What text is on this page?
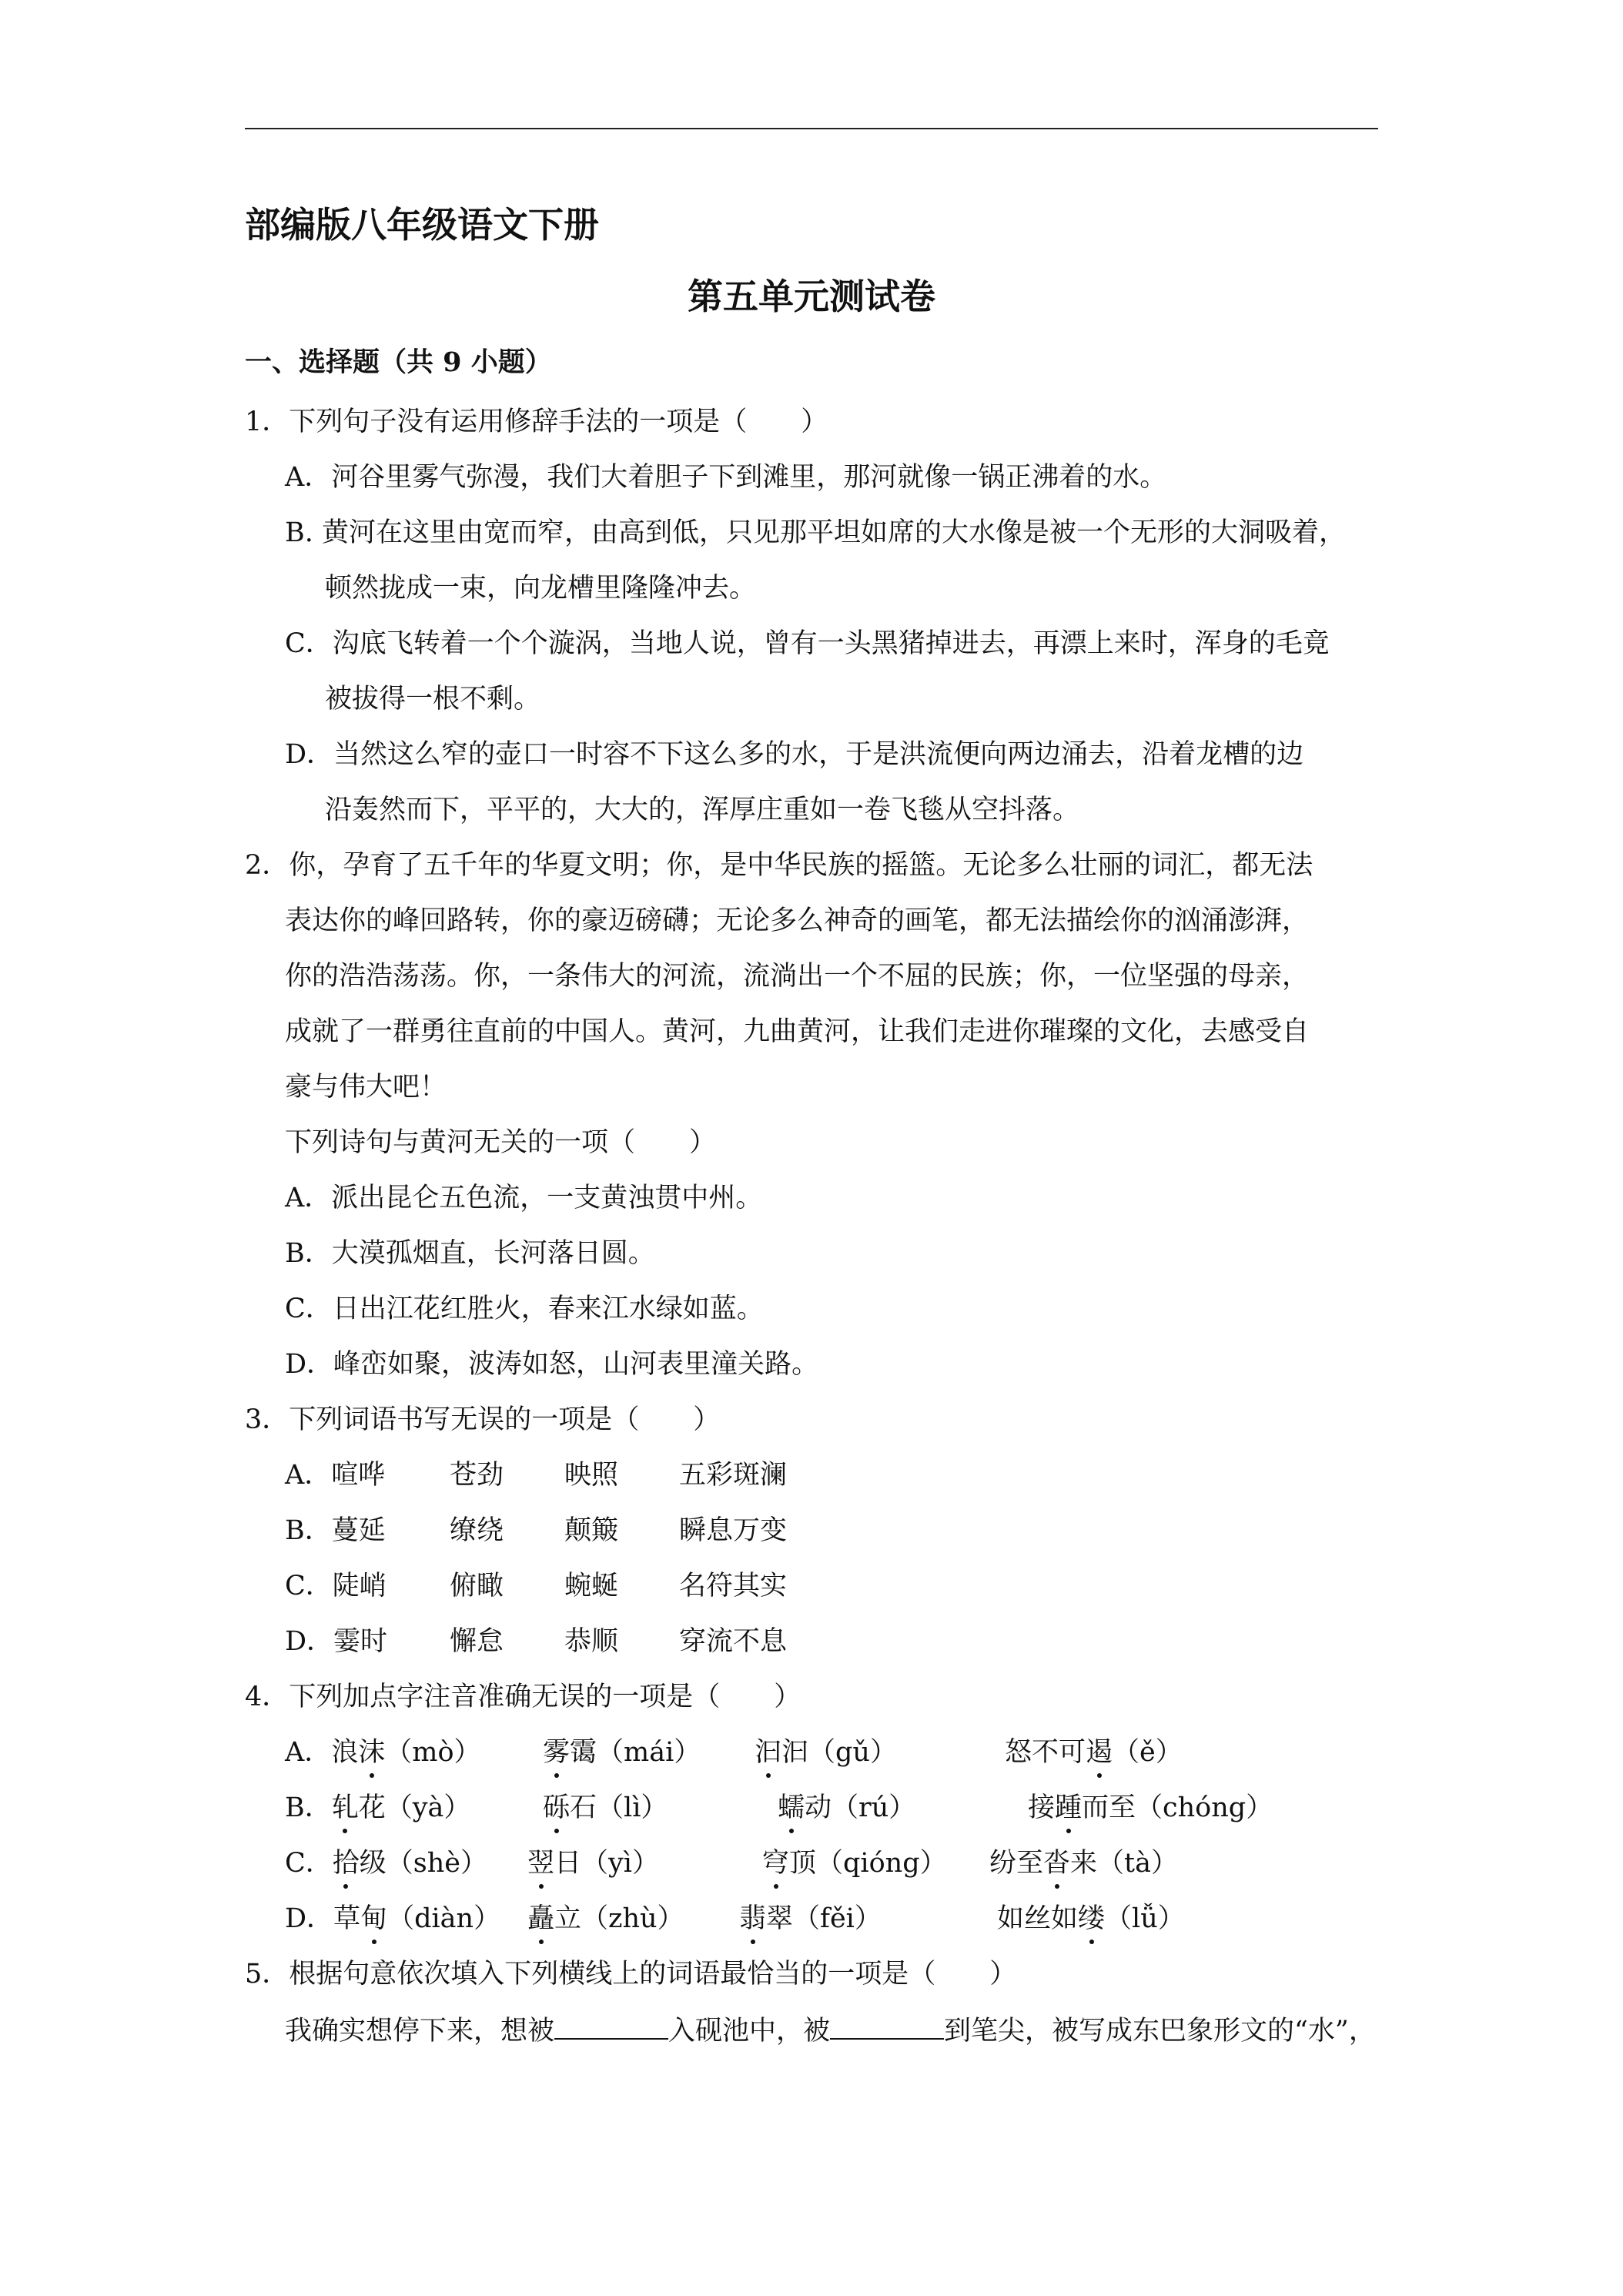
部编版八年级语文下册
第五单元测试卷
一、选择题（共 9 小题）
1．下列句子没有运用修辞手法的一项是（　　）
A．河谷里雾气弥漫，我们大着胆子下到滩里，那河就像一锅正沸着的水。
B. 黄河在这里由宽而窄，由高到低，只见那平坦如席的大水像是被一个无形的大洞吸着，
顿然拢成一束，向龙槽里隆隆冲去。
C．沟底飞转着一个个漩涡，当地人说，曾有一头黑猪掉进去，再漂上来时，浑身的毛竟
被拔得一根不剩。
D．当然这么窄的壶口一时容不下这么多的水，于是洪流便向两边涌去，沿着龙槽的边
沿轰然而下，平平的，大大的，浑厚庄重如一卷飞毯从空抖落。
2．你，孕育了五千年的华夏文明；你，是中华民族的摇篮。无论多么壮丽的词汇，都无法
表达你的峰回路转，你的豪迈磅礴；无论多么神奇的画笔，都无法描绘你的汹涌澎湃，
你的浩浩荡荡。你，一条伟大的河流，流淌出一个不屈的民族；你，一位坚强的母亲，
成就了一群勇往直前的中国人。黄河，九曲黄河，让我们走进你璀璨的文化，去感受自
豪与伟大吧！
下列诗句与黄河无关的一项（　　）
A．派出昆仑五色流，一支黄浊贯中州。
B．大漠孤烟直，长河落日圆。
C．日出江花红胜火，春来江水绿如蓝。
D．峰峦如聚，波涛如怒，山河表里潼关路。
3．下列词语书写无误的一项是（　　）
A．喧哗 苍劲 映照 五彩斑澜
B．蔓延 缭绕 颠簸 瞬息万变
C．陡峭 俯瞰 蜿蜒 名符其实
D．霎时 懈怠 恭顺 穿流不息
4．下列加点字注音准确无误的一项是（　　）
A．浪沫（mò） 雾霭（mái） 汩汩（gǔ）	怒不可遏（ě）
B．轧花（yà）	砾石（lì）	蠕动（rú）	接踵而至（chóng）
C．拾级（shè） 翌日（yì）	穹顶（qióng） 纷至沓来（tà）
D．草甸（diàn） 矗立（zhù） 翡翠（fěi）	如丝如缕（lǚ）
5．根据句意依次填入下列横线上的词语最恰当的一项是（　　）
我确实想停下来，想被	入砚池中，被	到笔尖，被写成东巴象形文的“水”，
